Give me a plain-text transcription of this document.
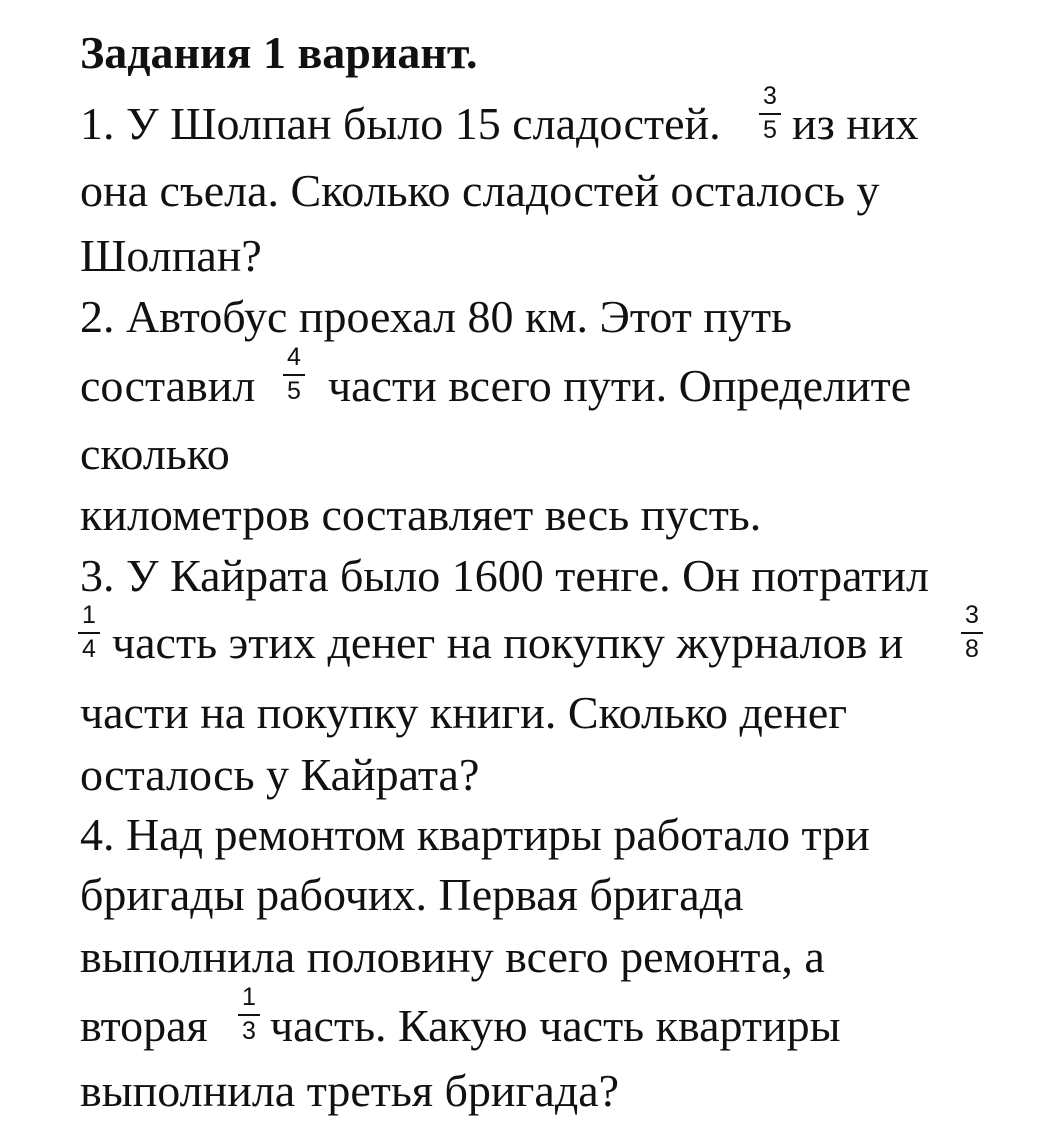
Задания 1 вариант.
1. У Шолпан было 15 сладостей.
3
5 из них
она съела. Сколько сладостей осталось у
Шолпан?
2. Автобус проехал 80 км. Этот путь
составил
4
5 части всего пути. Определите
сколько
километров составляет весь пусть.
3. У Кайрата было 1600 тенге. Он потратил
1
4 часть этих денег на покупку журналов и
3
8
части на покупку книги. Сколько денег
осталось у Кайрата?
4. Над ремонтом квартиры работало три
бригады рабочих. Первая бригада
выполнила половину всего ремонта, а
вторая
1
3 часть. Какую часть квартиры
выполнила третья бригада?
